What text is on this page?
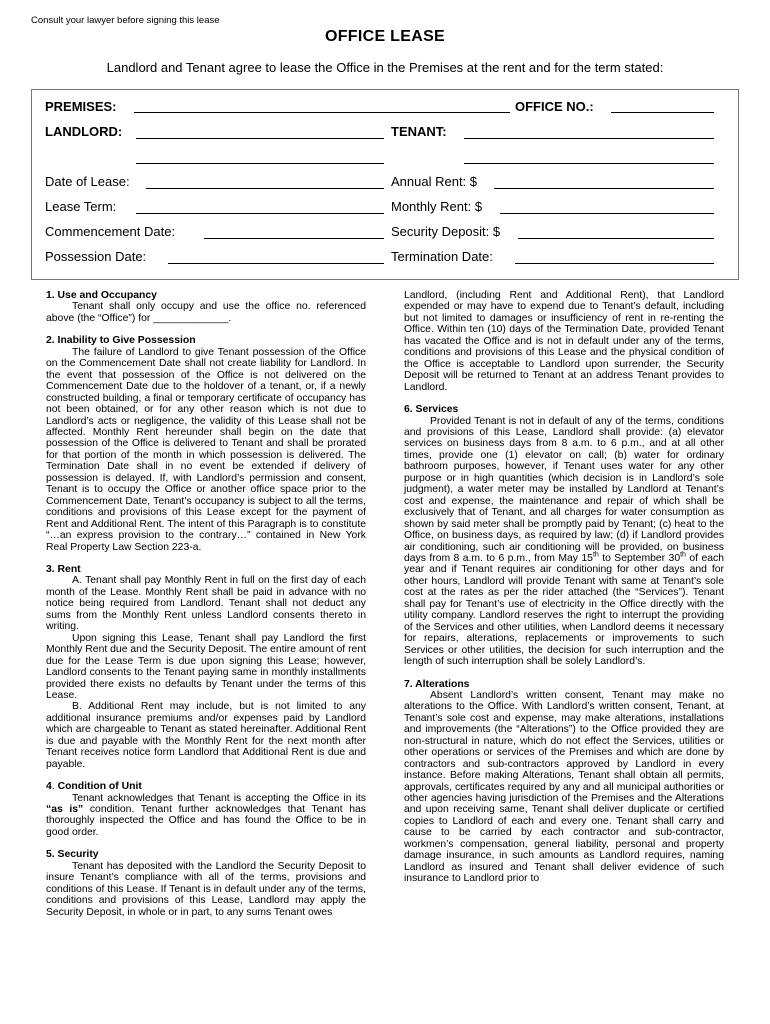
Consult your lawyer before signing this lease
OFFICE LEASE
Landlord and Tenant agree to lease the Office in the Premises at the rent and for the term stated:
PREMISES:	OFFICE NO.:
LANDLORD:	TENANT:
Date of Lease:	Annual Rent: $
Lease Term:	Monthly Rent: $
Commencement Date:	Security Deposit: $
Possession Date:	Termination Date:

1. Use and Occupancy

Tenant shall only occupy and use the office no. referenced above (the “Office”) for _____________.

2. Inability to Give Possession

The failure of Landlord to give Tenant possession of the Office on the Commencement Date shall not create liability for Landlord. In the event that possession of the Office is not delivered on the Commencement Date due to the holdover of a tenant, or, if a newly constructed building, a final or temporary certificate of occupancy has not been obtained, or for any other reason which is not due to Landlord’s acts or negligence, the validity of this Lease shall not be affected. Monthly Rent hereunder shall begin on the date that possession of the Office is delivered to Tenant and shall be prorated for that portion of the month in which possession is delivered. The Termination Date shall in no event be extended if delivery of possession is delayed. If, with Landlord’s permission and consent, Tenant is to occupy the Office or another office space prior to the Commencement Date, Tenant’s occupancy is subject to all the terms, conditions and provisions of this Lease except for the payment of Rent and Additional Rent. The intent of this Paragraph is to constitute “…an express provision to the contrary…” contained in New York Real Property Law Section 223-a.

3. Rent

A. Tenant shall pay Monthly Rent in full on the first day of each month of the Lease. Monthly Rent shall be paid in advance with no notice being required from Landlord. Tenant shall not deduct any sums from the Monthly Rent unless Landlord consents thereto in writing.

Upon signing this Lease, Tenant shall pay Landlord the first Monthly Rent due and the Security Deposit. The entire amount of rent due for the Lease Term is due upon signing this Lease; however, Landlord consents to the Tenant paying same in monthly installments provided there exists no defaults by Tenant under the terms of this Lease.

B. Additional Rent may include, but is not limited to any additional insurance premiums and/or expenses paid by Landlord which are chargeable to Tenant as stated hereinafter. Additional Rent is due and payable with the Monthly Rent for the next month after Tenant receives notice form Landlord that Additional Rent is due and payable.

4. Condition of Unit

Tenant acknowledges that Tenant is accepting the Office in its “as is” condition. Tenant further acknowledges that Tenant has thoroughly inspected the Office and has found the Office to be in good order.

5. Security

Tenant has deposited with the Landlord the Security Deposit to insure Tenant’s compliance with all of the terms, provisions and conditions of this Lease. If Tenant is in default under any of the terms, conditions and provisions of this Lease, Landlord may apply the Security Deposit, in whole or in part, to any sums Tenant owes

Landlord, (including Rent and Additional Rent), that Landlord expended or may have to expend due to Tenant’s default, including but not limited to damages or insufficiency of rent in re-renting the Office. Within ten (10) days of the Termination Date, provided Tenant has vacated the Office and is not in default under any of the terms, conditions and provisions of this Lease and the physical condition of the Office is acceptable to Landlord upon surrender, the Security Deposit will be returned to Tenant at an address Tenant provides to Landlord.

6. Services

Provided Tenant is not in default of any of the terms, conditions and provisions of this Lease, Landlord shall provide: (a) elevator services on business days from 8 a.m. to 6 p.m., and at all other times, provide one (1) elevator on call; (b) water for ordinary bathroom purposes, however, if Tenant uses water for any other purpose or in high quantities (which decision is in Landlord’s sole judgment), a water meter may be installed by Landlord at Tenant’s cost and expense, the maintenance and repair of which shall be exclusively that of Tenant, and all charges for water consumption as shown by said meter shall be promptly paid by Tenant; (c) heat to the Office, on business days, as required by law; (d) if Landlord provides air conditioning, such air conditioning will be provided, on business days from 8 a.m. to 6 p.m., from May 15th to September 30th of each year and if Tenant requires air conditioning for other days and for other hours, Landlord will provide Tenant with same at Tenant’s sole cost at the rates as per the rider attached (the “Services”). Tenant shall pay for Tenant’s use of electricity in the Office directly with the utility company. Landlord reserves the right to interrupt the providing of the Services and other utilities, when Landlord deems it necessary for repairs, alterations, replacements or improvements to such Services or other utilities, the decision for such interruption and the length of such interruption shall be solely Landlord’s.

7. Alterations

Absent Landlord’s written consent, Tenant may make no alterations to the Office. With Landlord’s written consent, Tenant, at Tenant’s sole cost and expense, may make alterations, installations and improvements (the “Alterations”) to the Office provided they are non-structural in nature, which do not effect the Services, utilities or other operations or services of the Premises and which are done by contractors and sub-contractors approved by Landlord in every instance. Before making Alterations, Tenant shall obtain all permits, approvals, certificates required by any and all municipal authorities or other agencies having jurisdiction of the Premises and the Alterations and upon receiving same, Tenant shall deliver duplicate or certified copies to Landlord of each and every one. Tenant shall carry and cause to be carried by each contractor and sub-contractor, workmen’s compensation, general liability, personal and property damage insurance, in such amounts as Landlord requires, naming Landlord as insured and Tenant shall deliver evidence of such insurance to Landlord prior to
